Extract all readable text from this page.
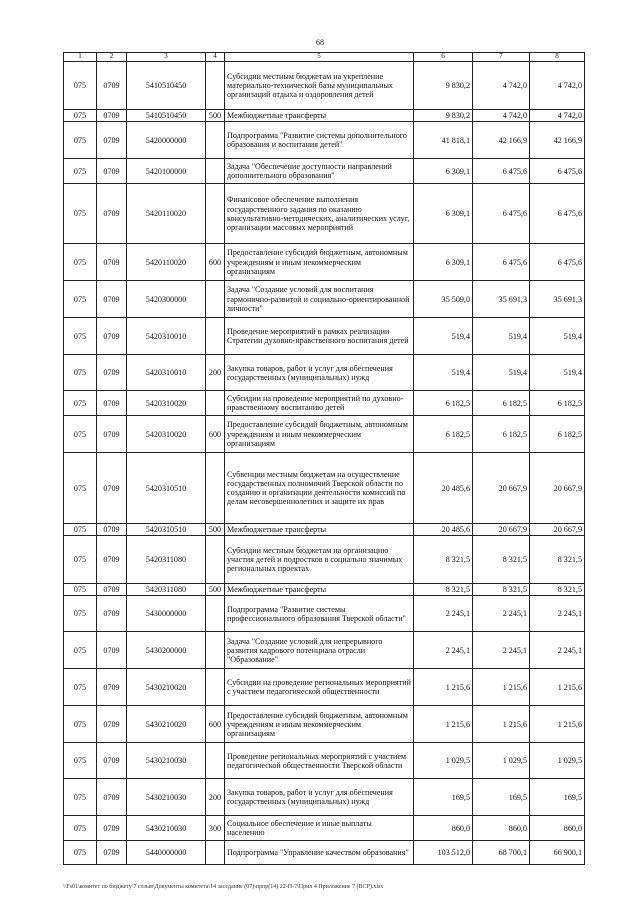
68
1	2	3	4	5	6	7	8
075	0709	5410510450		Субсидии местным бюджетам на укрепление материально-технической базы муниципальных организаций отдыха и оздоровления детей	9 830,2	4 742,0	4 742,0
075	0709	5410510450	500	Межбюджетные трансферты	9 830,2	4 742,0	4 742,0
075	0709	5420000000		Подпрограмма "Развитие системы дополнительного образования и воспитания детей"	41 818,1	42 166,9	42 166,9
075	0709	5420100000		Задача "Обеспечение доступности направлений дополнительного образования"	6 309,1	6 475,6	6 475,6
075	0709	5420110020		Финансовое обеспечение выполнения государственного задания по оказанию консультативно-методических, аналитических услуг, организации массовых мероприятий	6 309,1	6 475,6	6 475,6
075	0709	5420110020	600	Предоставление субсидий бюджетным, автономным учреждениям и иным некоммерческим организациям	6 309,1	6 475,6	6 475,6
075	0709	5420300000		Задача "Создание условий для воспитания гармонично-развитой и социально-ориентированной личности"	35 509,0	35 691,3	35 691,3
075	0709	5420310010		Проведение мероприятий в рамках реализации Стратегии духовно-нравственного воспитания детей	519,4	519,4	519,4
075	0709	5420310010	200	Закупка товаров, работ и услуг для обеспечения государственных (муниципальных) нужд	519,4	519,4	519,4
075	0709	5420310020		Субсидии на проведение мероприятий по духовно-нравственному воспитанию детей	6 182,5	6 182,5	6 182,5
075	0709	5420310020	600	Предоставление субсидий бюджетным, автономным учреждениям и иным некоммерческим организациям	6 182,5	6 182,5	6 182,5
075	0709	5420310510		Субвенции местным бюджетам на осуществление государственных полномочий Тверской области по созданию и организации деятельности комиссий по делам несовершеннолетних и защите их прав	20 485,6	20 667,9	20 667,9
075	0709	5420310510	500	Межбюджетные трансферты	20 485,6	20 667,9	20 667,9
075	0709	5420311080		Субсидии местным бюджетам на организацию участия детей и подростков в социально значимых региональных проектах	8 321,5	8 321,5	8 321,5
075	0709	5420311080	500	Межбюджетные трансферты	8 321,5	8 321,5	8 321,5
075	0709	5430000000		Подпрограмма "Развитие системы профессионального образования Тверской области"	2 245,1	2 245,1	2 245,1
075	0709	5430200000		Задача "Создание условий для непрерывного развития кадрового потенциала отрасли "Образование"	2 245,1	2 245,1	2 245,1
075	0709	5430210020		Субсидии на проведение региональных мероприятий с участием педагогической общественности	1 215,6	1 215,6	1 215,6
075	0709	5430210020	600	Предоставление субсидий бюджетным, автономным учреждениям и иным некоммерческим организациям	1 215,6	1 215,6	1 215,6
075	0709	5430210030		Проведение региональных мероприятий с участием педагогической общественности Тверской области	1 029,5	1 029,5	1 029,5
075	0709	5430210030	200	Закупка товаров, работ и услуг для обеспечения государственных (муниципальных) нужд	169,5	169,5	169,5
075	0709	5430210030	300	Социальное обеспечение и иные выплаты населению	860,0	860,0	860,0
075	0709	5440000000		Подпрограмма "Управление качеством образования"	103 512,0	68 700,1	66 900,1
\\Fs01\комитет по бюджету\7 созыв\Документы комитета\14 заседание (07)\прпр(14) 22-П-7\Прил 4 Приложение 7 (ВСР).xlsx
